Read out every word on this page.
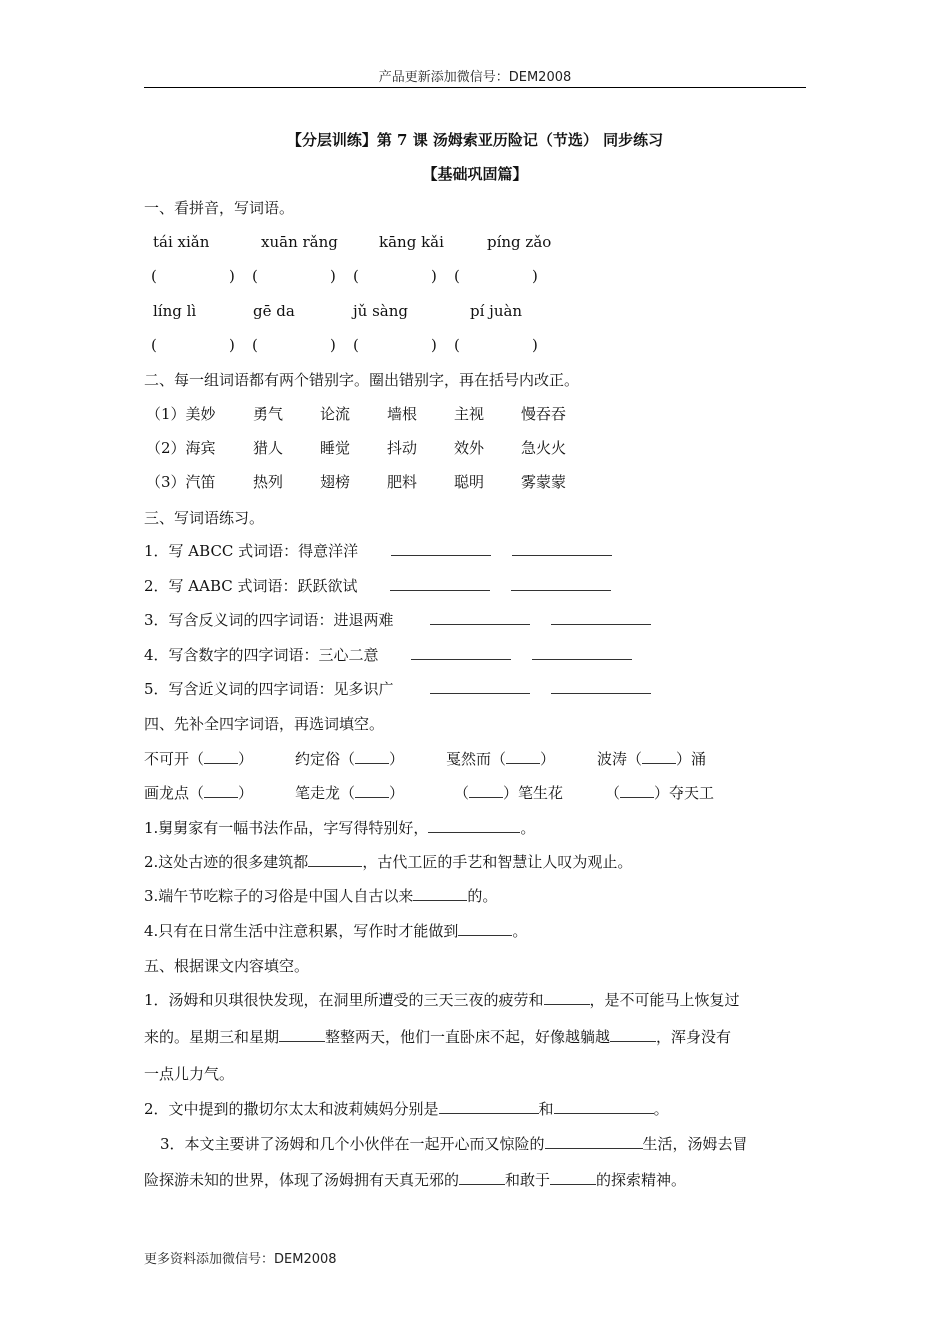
产品更新添加微信号：DEM2008
【分层训练】第 7 课 汤姆索亚历险记（节选） 同步练习
【基础巩固篇】
一、看拼音，写词语。
tái xiǎn	xuān rǎng	kāng kǎi	píng zǎo
(	) (	) (	) (	)
líng lì	gē da	jǔ sàng	pí juàn
(	) (	) (	) (	)
二、每一组词语都有两个错别字。圈出错别字，再在括号内改正。
（1）美妙 勇气 论流 墙根 主视 慢吞吞
（2）海宾 猎人 睡觉 抖动 效外 急火火
（3）汽笛 热列 翅榜 肥料 聪明 雾蒙蒙
三、写词语练习。
1．写 ABCC 式词语：得意洋洋
2．写 AABC 式词语：跃跃欲试
3．写含反义词的四字词语：进退两难
4．写含数字的四字词语：三心二意
5．写含近义词的四字词语：见多识广
四、先补全四字词语，再选词填空。
不可开（ ）	约定俗（ ）	戛然而（ ）	波涛（ ）涌
画龙点（ ）	笔走龙（ ）	（ ）笔生花	（ ）夺天工
1.舅舅家有一幅书法作品，字写得特别好，	。
2.这处古迹的很多建筑都	，古代工匠的手艺和智慧让人叹为观止。
3.端午节吃粽子的习俗是中国人自古以来	的。
4.只有在日常生活中注意积累，写作时才能做到	。
五、根据课文内容填空。
1．汤姆和贝琪很快发现，在洞里所遭受的三天三夜的疲劳和	，是不可能马上恢复过
来的。星期三和星期	整整两天，他们一直卧床不起，好像越躺越	，浑身没有
一点儿力气。
2．文中提到的撒切尔太太和波莉姨妈分别是	和	。
3．本文主要讲了汤姆和几个小伙伴在一起开心而又惊险的	生活，汤姆去冒
险探游未知的世界，体现了汤姆拥有天真无邪的	和敢于	的探索精神。
更多资料添加微信号：DEM2008
